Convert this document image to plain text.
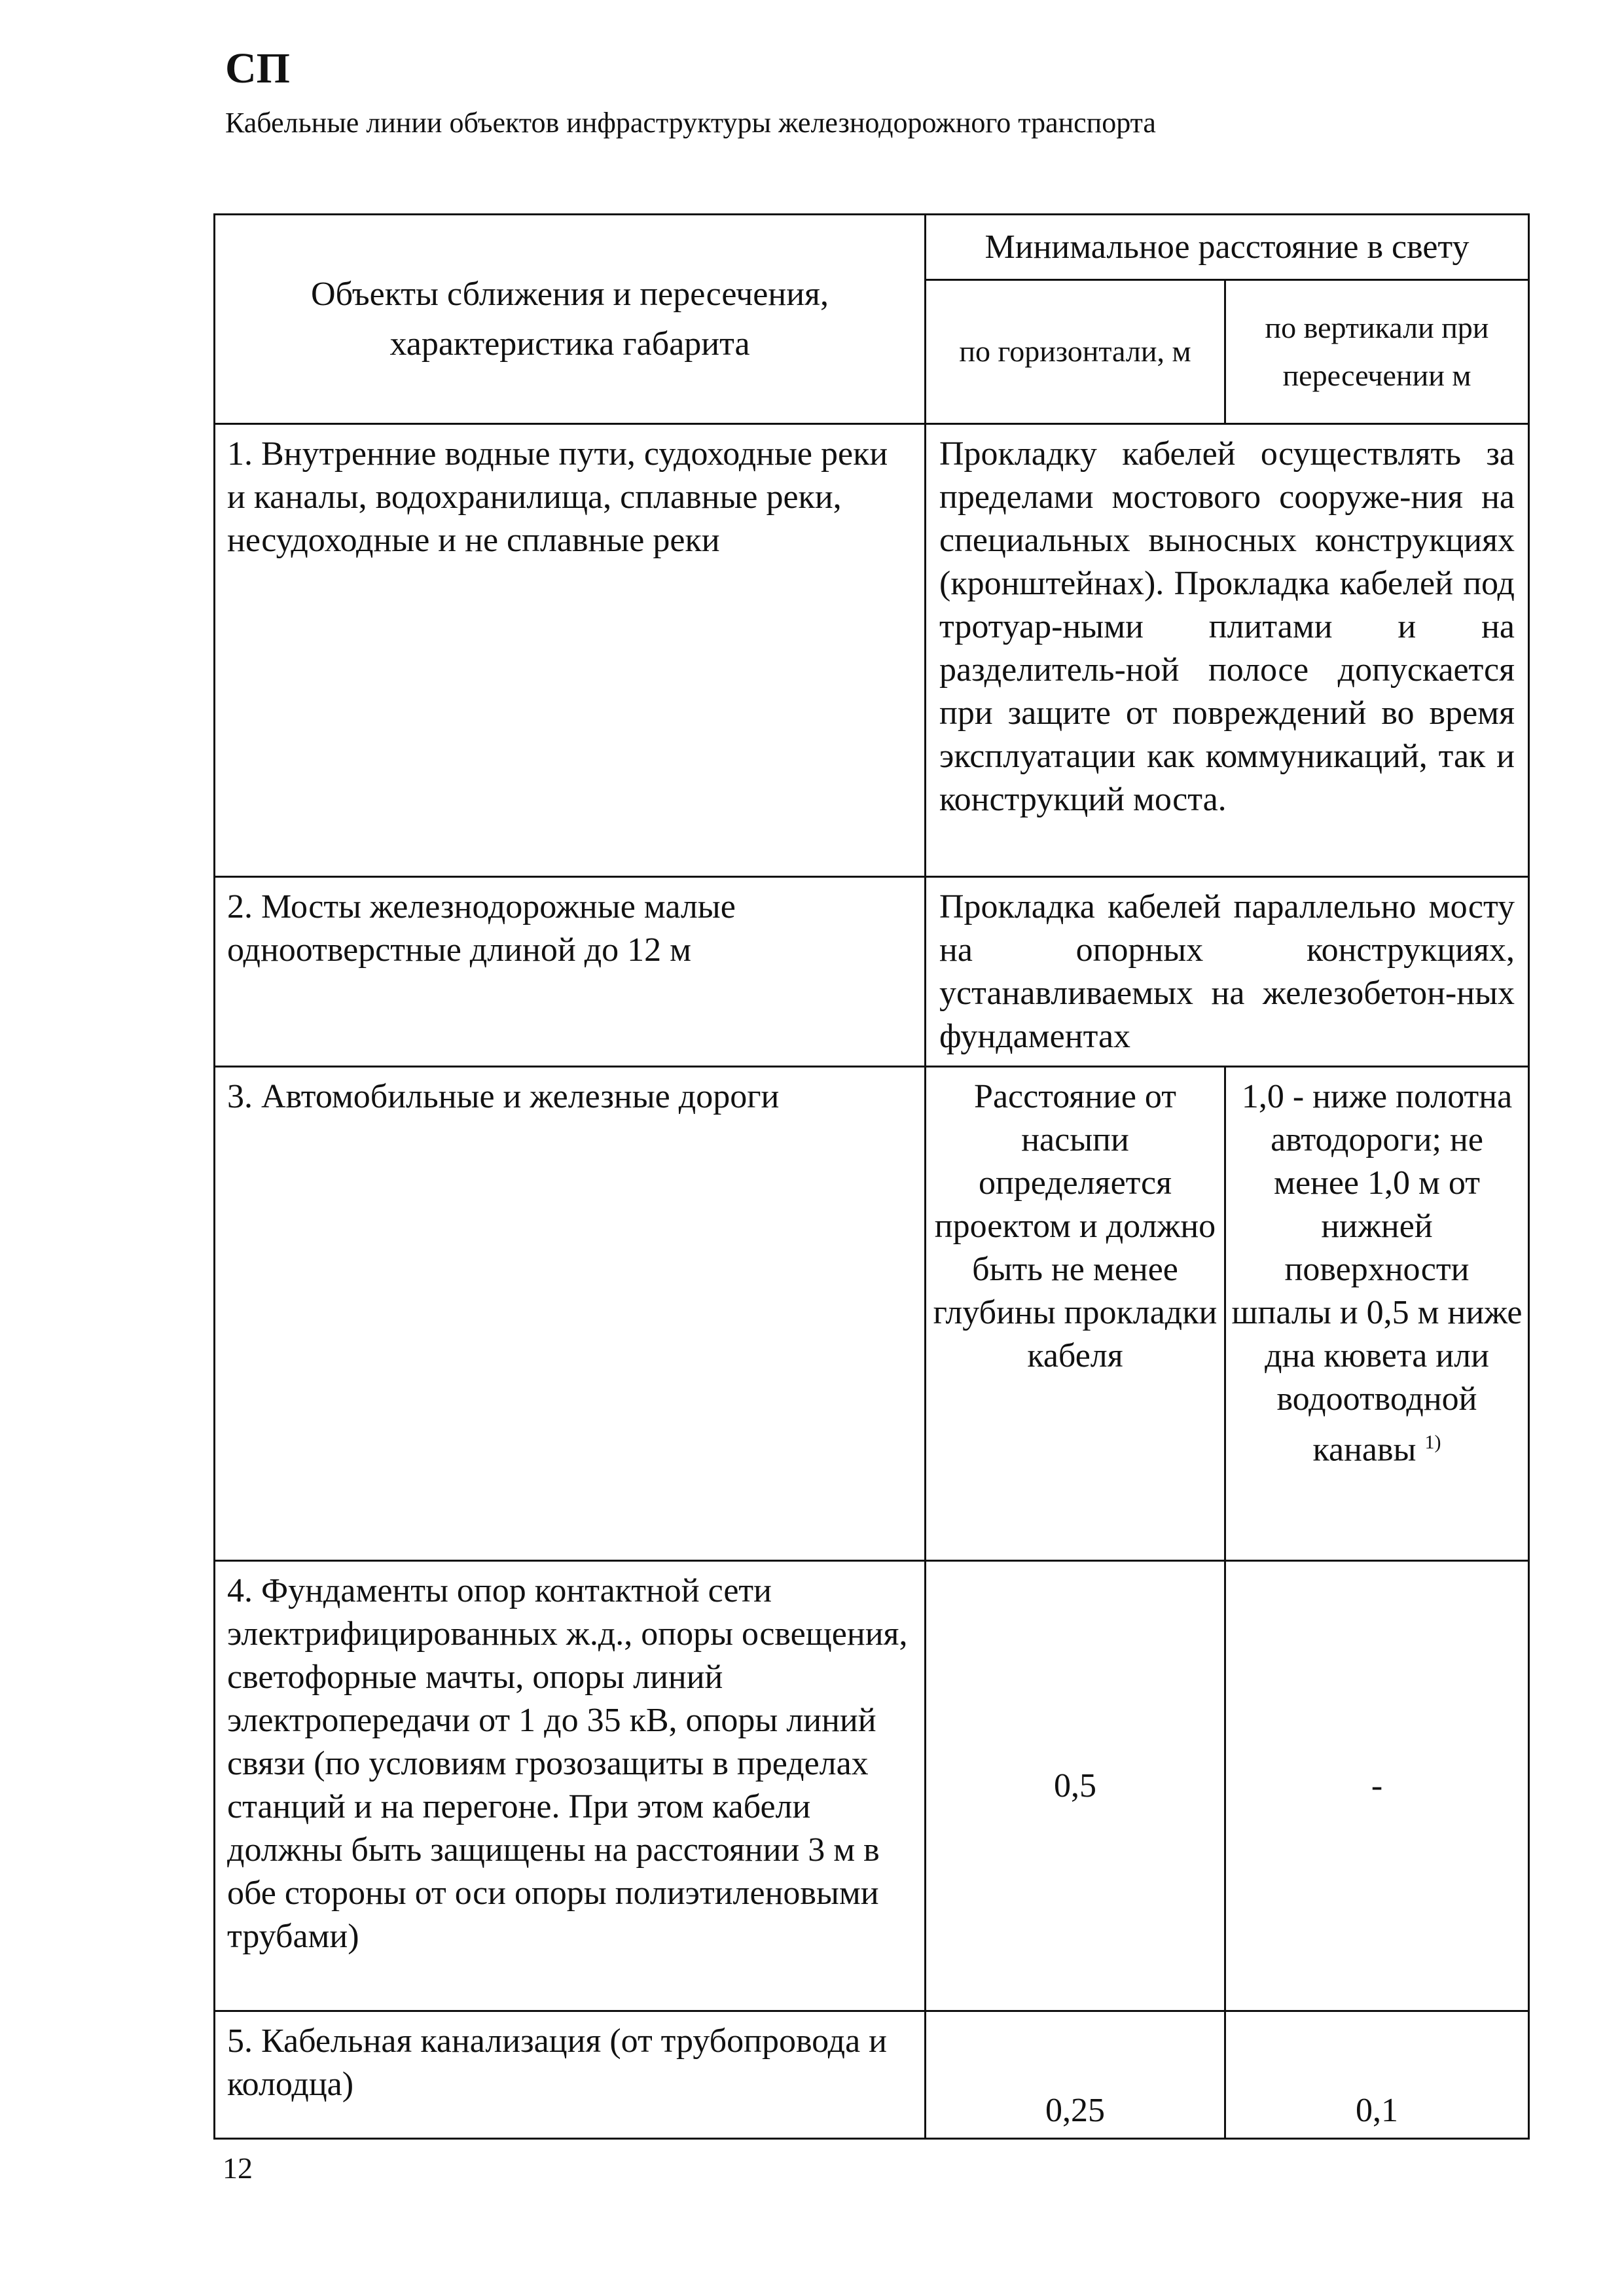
СП
Кабельные линии объектов инфраструктуры железнодорожного транспорта
Объекты сближения и пересечения, характеристика габарита	Минимальное расстояние в свету	

	по горизонтали, м	по вертикали при пересечении м

1. Внутренние водные пути, судоходные реки и каналы, водохранилища, сплавные реки, несудоходные и не сплавные реки	Прокладку кабелей осуществлять за пределами мостового сооруже-ния на специальных выносных конструкциях (кронштейнах). Прокладка кабелей под тротуар-ными плитами и на разделитель-ной полосе допускается при защите от повреждений во время эксплуатации как коммуникаций, так и конструкций моста.	
2. Мосты железнодорожные малые одноотверстные длиной до 12 м	Прокладка кабелей параллельно мосту на опорных конструкциях, устанавливаемых на железобетон-ных фундаментах	
3. Автомобильные и железные дороги	Расстояние от насыпи определяется проектом и должно быть не менее глубины прокладки кабеля	1,0 - ниже полотна автодороги; не менее 1,0 м от нижней поверхности шпалы и 0,5 м ниже дна кювета или водоотводной канавы $^{1)}$
4. Фундаменты опор контактной сети электрифицированных ж.д., опоры освещения, светофорные мачты, опоры линий электропередачи от 1 до 35 кВ, опоры линий связи (по условиям грозозащиты в пределах станций и на перегоне. При этом кабели должны быть защищены на расстоянии 3 м в обе стороны от оси опоры полиэтиленовыми трубами)	0,5	-
5. Кабельная канализация (от трубопровода и колодца)	0,25	0,1
12
